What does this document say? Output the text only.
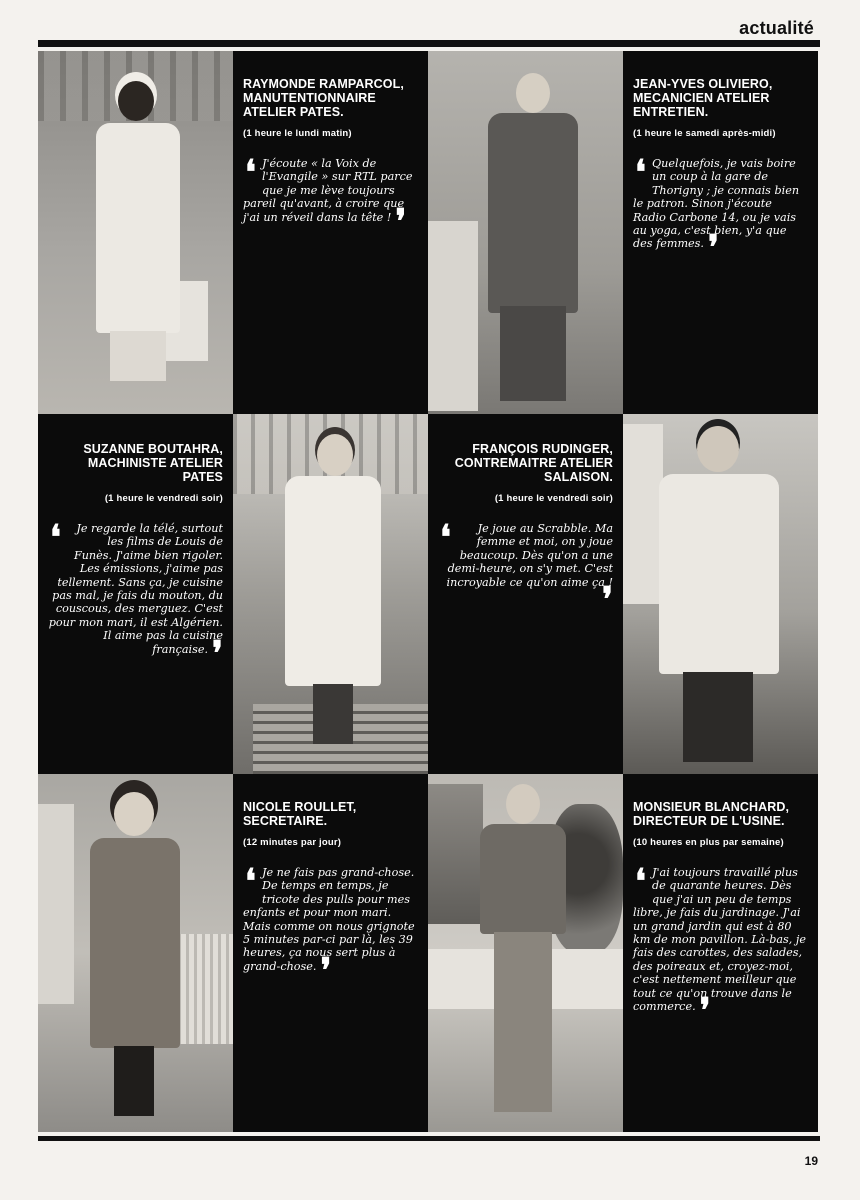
actualité
RAYMONDE RAMPARCOL, MANUTENTIONNAIRE ATELIER PATES.
(1 heure le lundi matin)
❛ J'écoute « la Voix de l'Evangile » sur RTL parce que je me lève toujours pareil qu'avant, à croire que j'ai un réveil dans la tête ! ❜
JEAN-YVES OLIVIERO, MECANICIEN ATELIER ENTRETIEN.
(1 heure le samedi après-midi)
❛ Quelquefois, je vais boire un coup à la gare de Thorigny ; je connais bien le patron. Sinon j'écoute Radio Carbone 14, ou je vais au yoga, c'est bien, y'a que des femmes. ❜
SUZANNE BOUTAHRA, MACHINISTE ATELIER PATES
(1 heure le vendredi soir)
❛ Je regarde la télé, surtout les films de Louis de Funès. J'aime bien rigoler. Les émissions, j'aime pas tellement. Sans ça, je cuisine pas mal, je fais du mouton, du couscous, des merguez. C'est pour mon mari, il est Algérien. Il aime pas la cuisine française. ❜
FRANÇOIS RUDINGER, CONTREMAITRE ATELIER SALAISON.
(1 heure le vendredi soir)
❛ Je joue au Scrabble. Ma femme et moi, on y joue beaucoup. Dès qu'on a une demi-heure, on s'y met. C'est incroyable ce qu'on aime ça !❜
NICOLE ROULLET, SECRETAIRE.
(12 minutes par jour)
❛ Je ne fais pas grand-chose. De temps en temps, je tricote des pulls pour mes enfants et pour mon mari. Mais comme on nous grignote 5 minutes par-ci par là, les 39 heures, ça nous sert plus à grand-chose. ❜
MONSIEUR BLANCHARD, DIRECTEUR DE L'USINE.
(10 heures en plus par semaine)
❛ J'ai toujours travaillé plus de quarante heures. Dès que j'ai un peu de temps libre, je fais du jardinage. J'ai un grand jardin qui est à 80 km de mon pavillon. Là-bas, je fais des carottes, des salades, des poireaux et, croyez-moi, c'est nettement meilleur que tout ce qu'on trouve dans le commerce. ❜
19
